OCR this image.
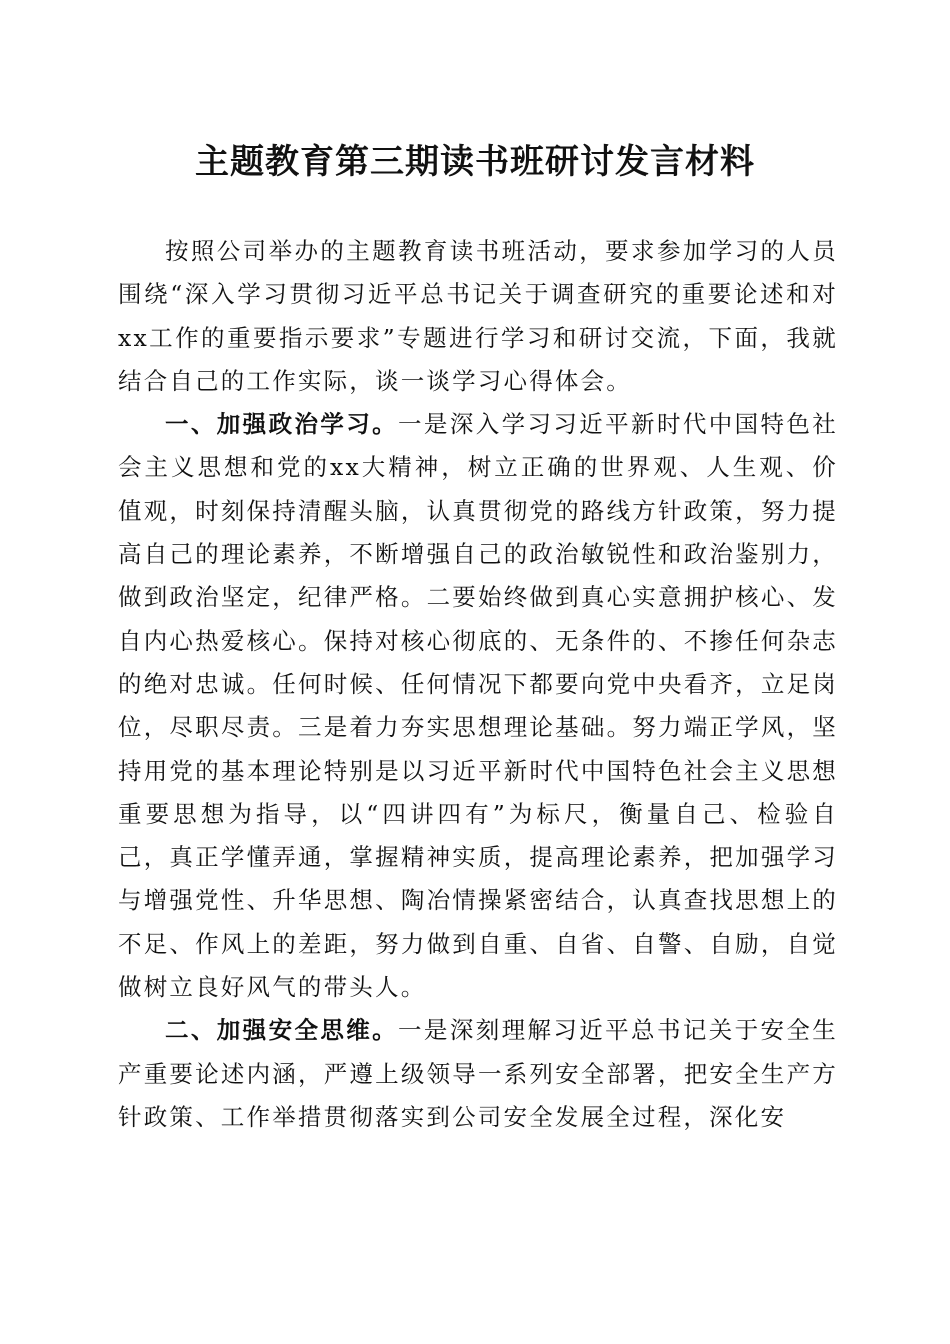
主题教育第三期读书班研讨发言材料

按照公司举办的主题教育读书班活动，要求参加学习的人员围绕“深入学习贯彻习近平总书记关于调查研究的重要论述和对xx工作的重要指示要求”专题进行学习和研讨交流，下面，我就结合自己的工作实际，谈一谈学习心得体会。

一、加强政治学习。一是深入学习习近平新时代中国特色社会主义思想和党的xx大精神，树立正确的世界观、人生观、价值观，时刻保持清醒头脑，认真贯彻党的路线方针政策，努力提高自己的理论素养，不断增强自己的政治敏锐性和政治鉴别力，做到政治坚定，纪律严格。二要始终做到真心实意拥护核心、发自内心热爱核心。保持对核心彻底的、无条件的、不掺任何杂志的绝对忠诚。任何时候、任何情况下都要向党中央看齐，立足岗位，尽职尽责。三是着力夯实思想理论基础。努力端正学风，坚持用党的基本理论特别是以习近平新时代中国特色社会主义思想重要思想为指导，以“四讲四有”为标尺，衡量自己、检验自己，真正学懂弄通，掌握精神实质，提高理论素养，把加强学习与增强党性、升华思想、陶冶情操紧密结合，认真查找思想上的不足、作风上的差距，努力做到自重、自省、自警、自励，自觉做树立良好风气的带头人。

二、加强安全思维。一是深刻理解习近平总书记关于安全生产重要论述内涵，严遵上级领导一系列安全部署，把安全生产方针政策、工作举措贯彻落实到公司安全发展全过程，深化安
